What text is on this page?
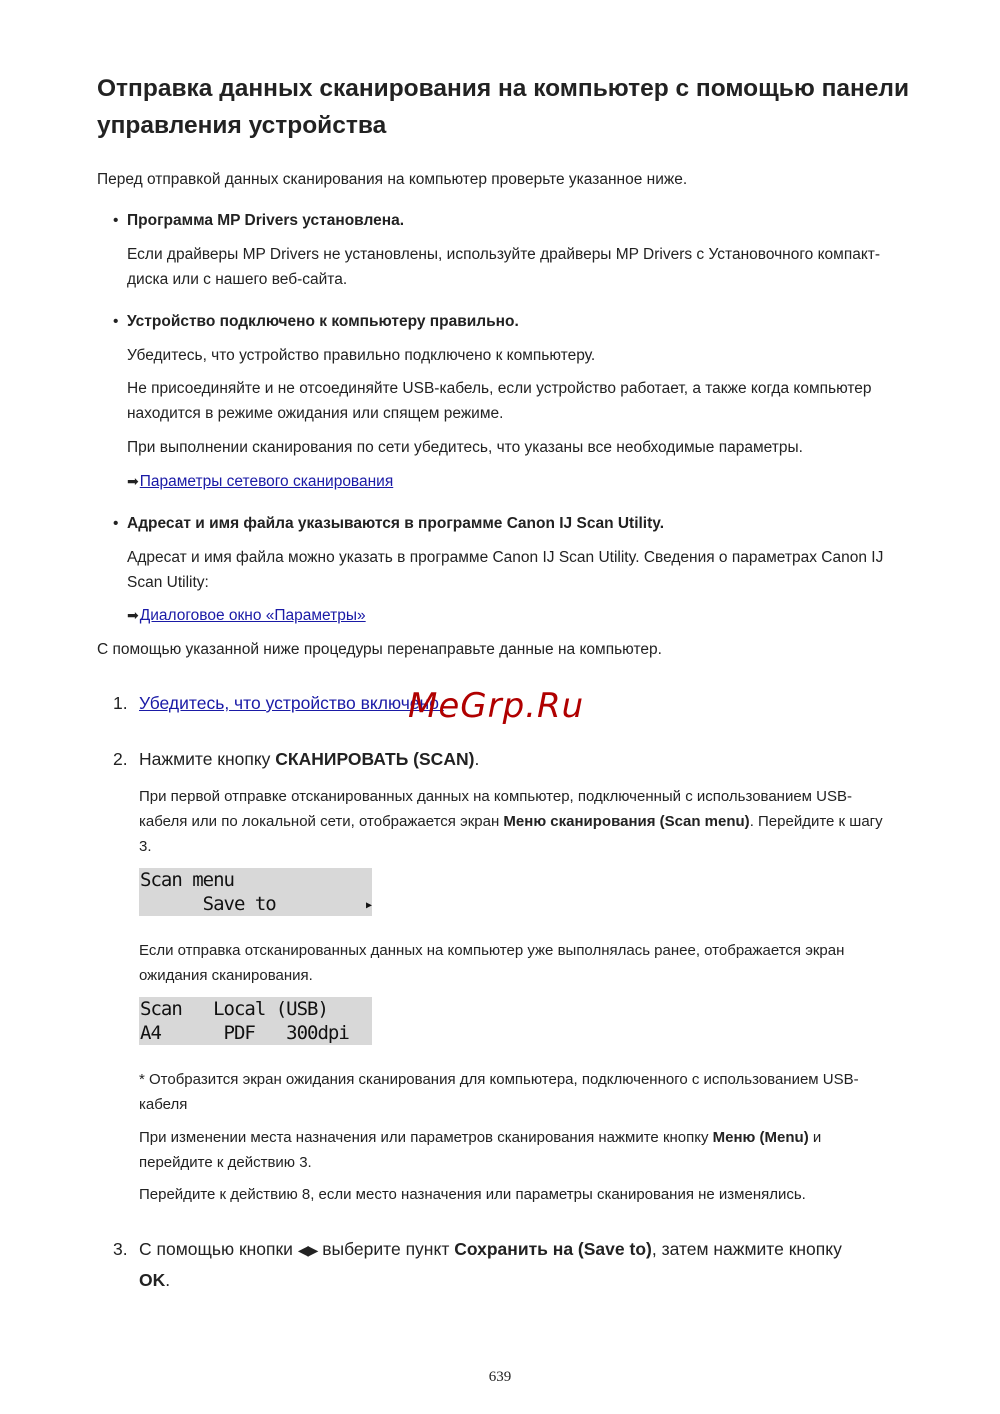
Отправка данных сканирования на компьютер с помощью панели управления устройства

Перед отправкой данных сканирования на компьютер проверьте указанное ниже.

• Программа MP Drivers установлена.

Если драйверы MP Drivers не установлены, используйте драйверы MP Drivers с Установочного компакт-диска или с нашего веб-сайта.

• Устройство подключено к компьютеру правильно.

Убедитесь, что устройство правильно подключено к компьютеру.

Не присоединяйте и не отсоединяйте USB-кабель, если устройство работает, а также когда компьютер находится в режиме ожидания или спящем режиме.

При выполнении сканирования по сети убедитесь, что указаны все необходимые параметры.

➡Параметры сетевого сканирования

• Адресат и имя файла указываются в программе Canon IJ Scan Utility.

Адресат и имя файла можно указать в программе Canon IJ Scan Utility. Сведения о параметрах Canon IJ Scan Utility:

➡Диалоговое окно «Параметры»

С помощью указанной ниже процедуры перенаправьте данные на компьютер.

1. Убедитесь, что устройство включено.

MeGrp.Ru
2. Нажмите кнопку СКАНИРОВАТЬ (SCAN).

При первой отправке отсканированных данных на компьютер, подключенный с использованием USB-кабеля или по локальной сети, отображается экран Меню сканирования (Scan menu). Перейдите к шагу 3.

Scan menu

Save to

	▶

Если отправка отсканированных данных на компьютер уже выполнялась ранее, отображается экран ожидания сканирования.

Scan   Local (USB)

A4      PDF   300dpi

* Отобразится экран ожидания сканирования для компьютера, подключенного с использованием USB-кабеля

При изменении места назначения или параметров сканирования нажмите кнопку Меню (Menu) и перейдите к действию 3.

Перейдите к действию 8, если место назначения или параметры сканирования не изменялись.

3. С помощью кнопки ◀▶ выберите пункт Сохранить на (Save to), затем нажмите кнопку OK.

639
